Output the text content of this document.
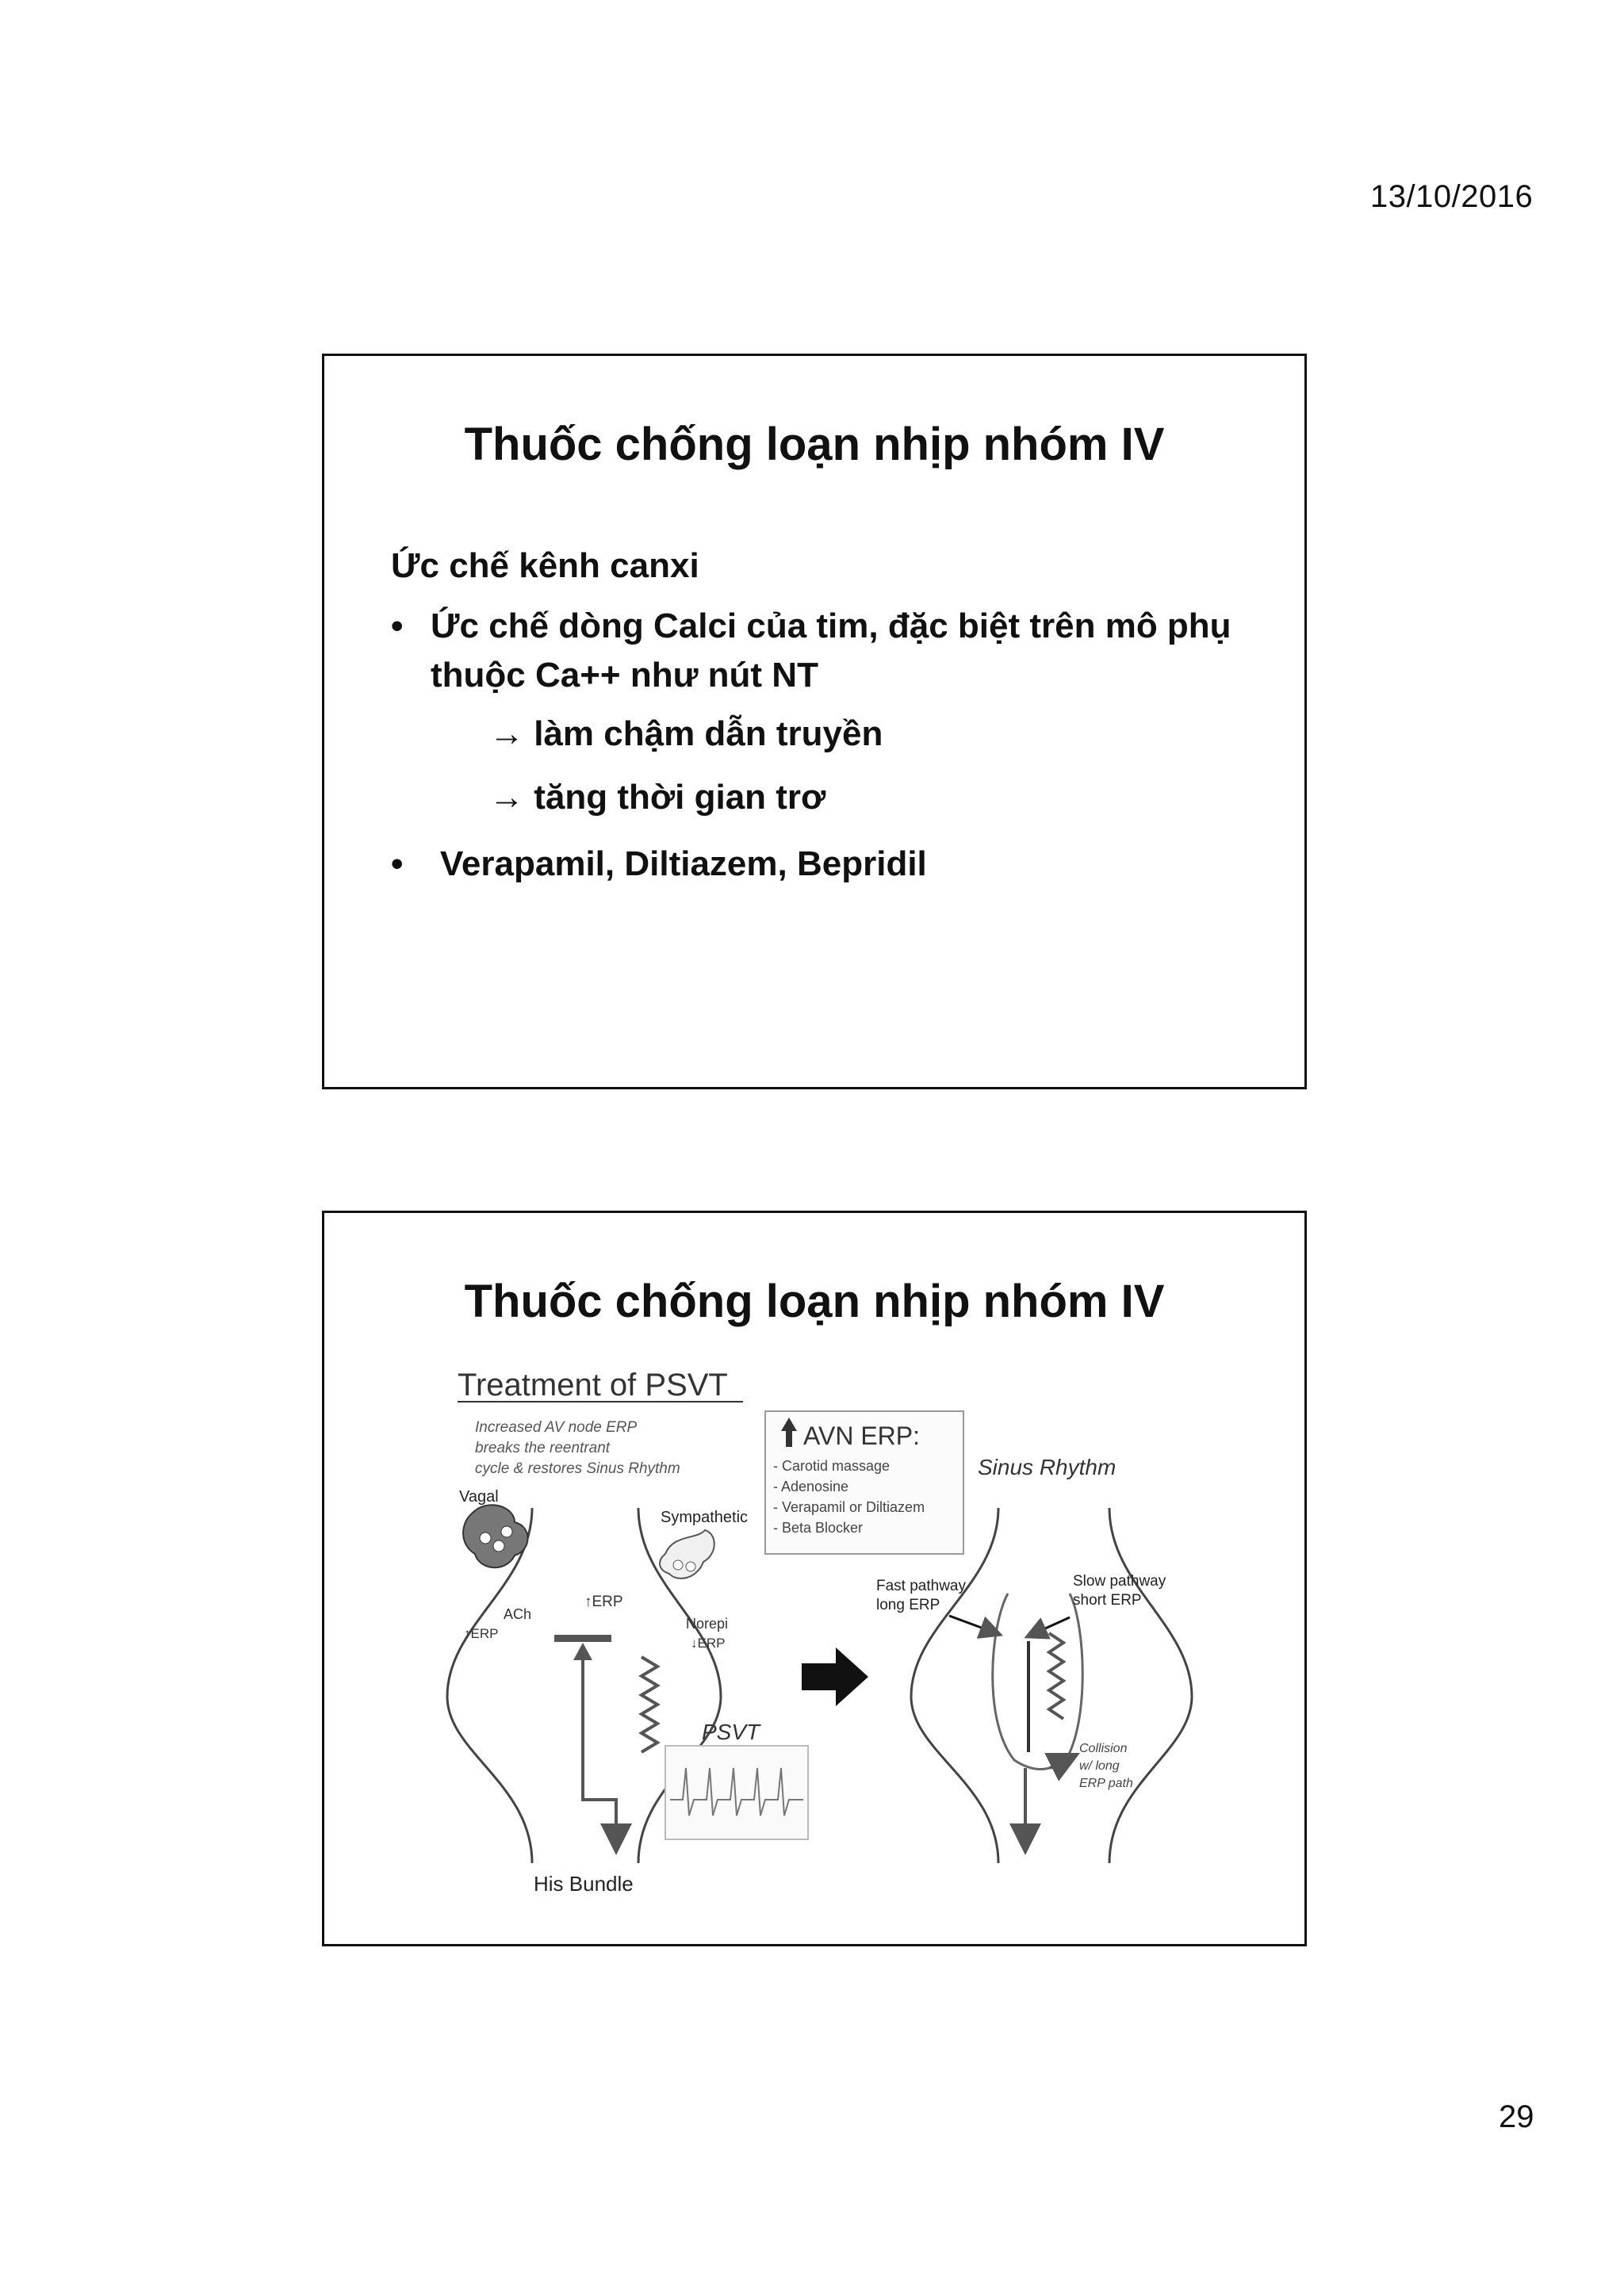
13/10/2016
Thuốc chống loạn nhịp nhóm IV
Ức chế kênh canxi
• Ức chế dòng Calci của tim, đặc biệt trên mô phụ thuộc Ca++ như nút NT
→ làm chậm dẫn truyền
→ tăng thời gian trơ
• Verapamil, Diltiazem, Bepridil
Thuốc chống loạn nhịp nhóm IV
Treatment of PSVT
Increased AV node ERP
breaks the reentrant
cycle & restores Sinus Rhythm
AVN ERP:
- Carotid massage
- Adenosine
- Verapamil or Diltiazem
- Beta Blocker
Sinus Rhythm
Vagal
ACh
↑ERP
Sympathetic
Norepi
↓ERP
↑ERP
PSVT
His Bundle
Fast pathway
long ERP
Slow pathway
short ERP
Collision
w/ long
ERP path
29
